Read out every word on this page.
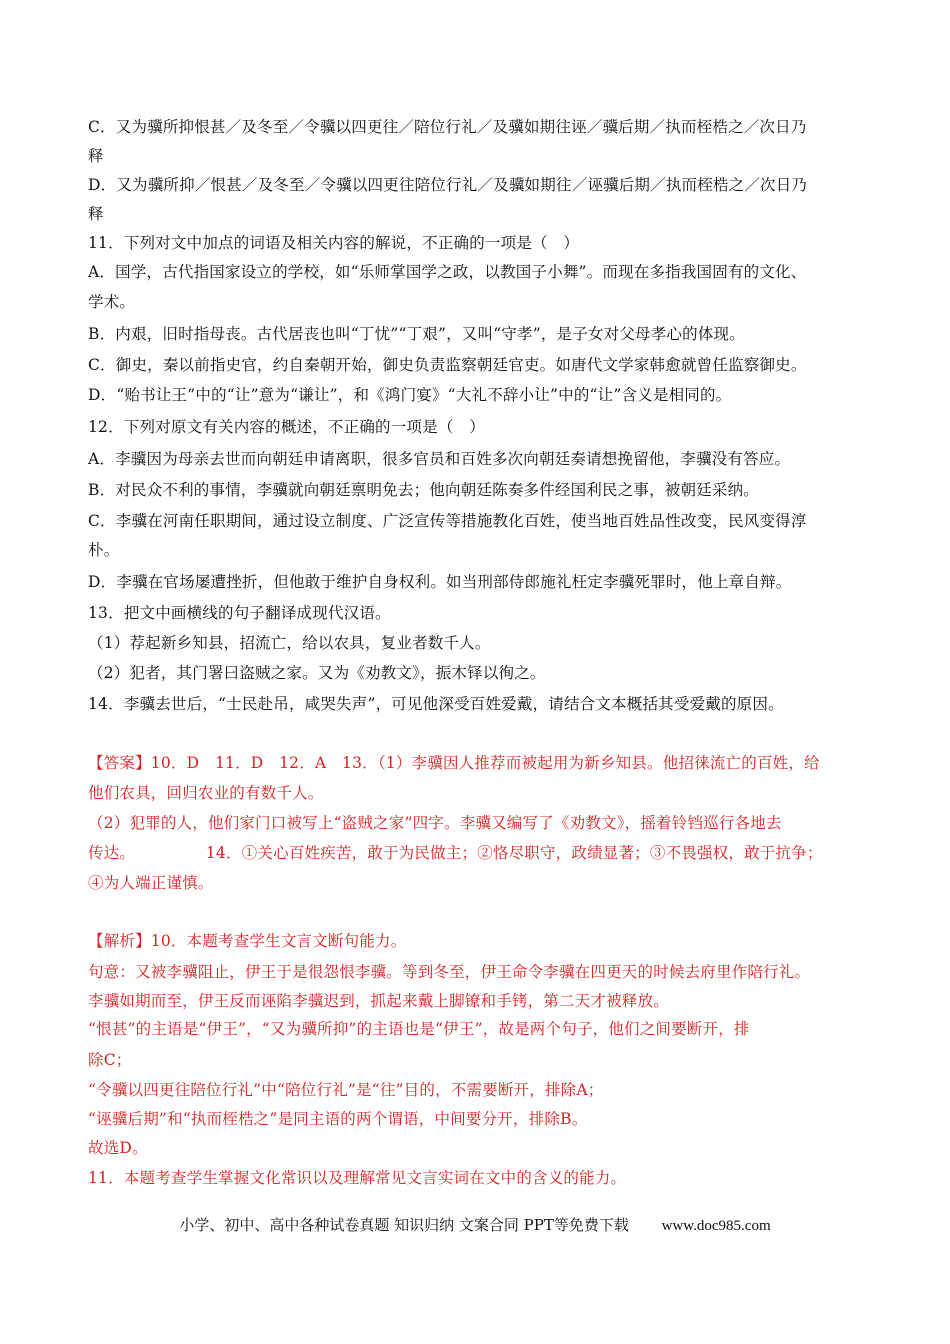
C．又为骥所抑恨甚／及冬至／令骥以四更往／陪位行礼／及骥如期往诬／骥后期／执而桎梏之／次日乃
释
D．又为骥所抑／恨甚／及冬至／令骥以四更往陪位行礼／及骥如期往／诬骥后期／执而桎梏之／次日乃
释
11．下列对文中加点的词语及相关内容的解说，不正确的一项是（　）
A．国学，古代指国家设立的学校，如“乐师掌国学之政，以教国子小舞”。而现在多指我国固有的文化、
学术。
B．内艰，旧时指母丧。古代居丧也叫“丁忧”“丁艰”，又叫“守孝”，是子女对父母孝心的体现。
C．御史，秦以前指史官，约自秦朝开始，御史负责监察朝廷官吏。如唐代文学家韩愈就曾任监察御史。
D．“贻书让王”中的“让”意为“谦让”，和《鸿门宴》“大礼不辞小让”中的“让”含义是相同的。
12．下列对原文有关内容的概述，不正确的一项是（　）
A．李骥因为母亲去世而向朝廷申请离职，很多官员和百姓多次向朝廷奏请想挽留他，李骥没有答应。
B．对民众不利的事情，李骥就向朝廷禀明免去；他向朝廷陈奏多件经国利民之事，被朝廷采纳。
C．李骥在河南任职期间，通过设立制度、广泛宣传等措施教化百姓，使当地百姓品性改变，民风变得淳
朴。
D．李骥在官场屡遭挫折，但他敢于维护自身权利。如当刑部侍郎施礼枉定李骥死罪时，他上章自辩。
13．把文中画横线的句子翻译成现代汉语。
（1）荐起新乡知县，招流亡，给以农具，复业者数千人。
（2）犯者，其门署曰盗贼之家。又为《劝教文》，振木铎以徇之。
14．李骥去世后，“士民赴吊，咸哭失声”，可见他深受百姓爱戴，请结合文本概括其受爱戴的原因。
【答案】10．D　11．D　12．A　13．（1）李骥因人推荐而被起用为新乡知县。他招徕流亡的百姓，给
他们农具，回归农业的有数千人。
（2）犯罪的人，他们家门口被写上“盗贼之家”四字。李骥又编写了《劝教文》，摇着铃铛巡行各地去
传达。　　　　　14．①关心百姓疾苦，敢于为民做主；②恪尽职守，政绩显著；③不畏强权，敢于抗争；
④为人端正谨慎。
【解析】10．本题考查学生文言文断句能力。
句意：又被李骥阻止，伊王于是很怨恨李骥。等到冬至，伊王命令李骥在四更天的时候去府里作陪行礼。
李骥如期而至，伊王反而诬陷李骥迟到，抓起来戴上脚镣和手铐，第二天才被释放。
“恨甚”的主语是“伊王”，“又为骥所抑”的主语也是“伊王”，故是两个句子，他们之间要断开，排
除C；
“令骥以四更往陪位行礼”中“陪位行礼”是“往”目的，不需要断开，排除A；
“诬骥后期”和“执而桎梏之”是同主语的两个谓语，中间要分开，排除B。
故选D。
11．本题考查学生掌握文化常识以及理解常见文言实词在文中的含义的能力。
小学、初中、高中各种试卷真题 知识归纳 文案合同 PPT等免费下载 www.doc985.com
